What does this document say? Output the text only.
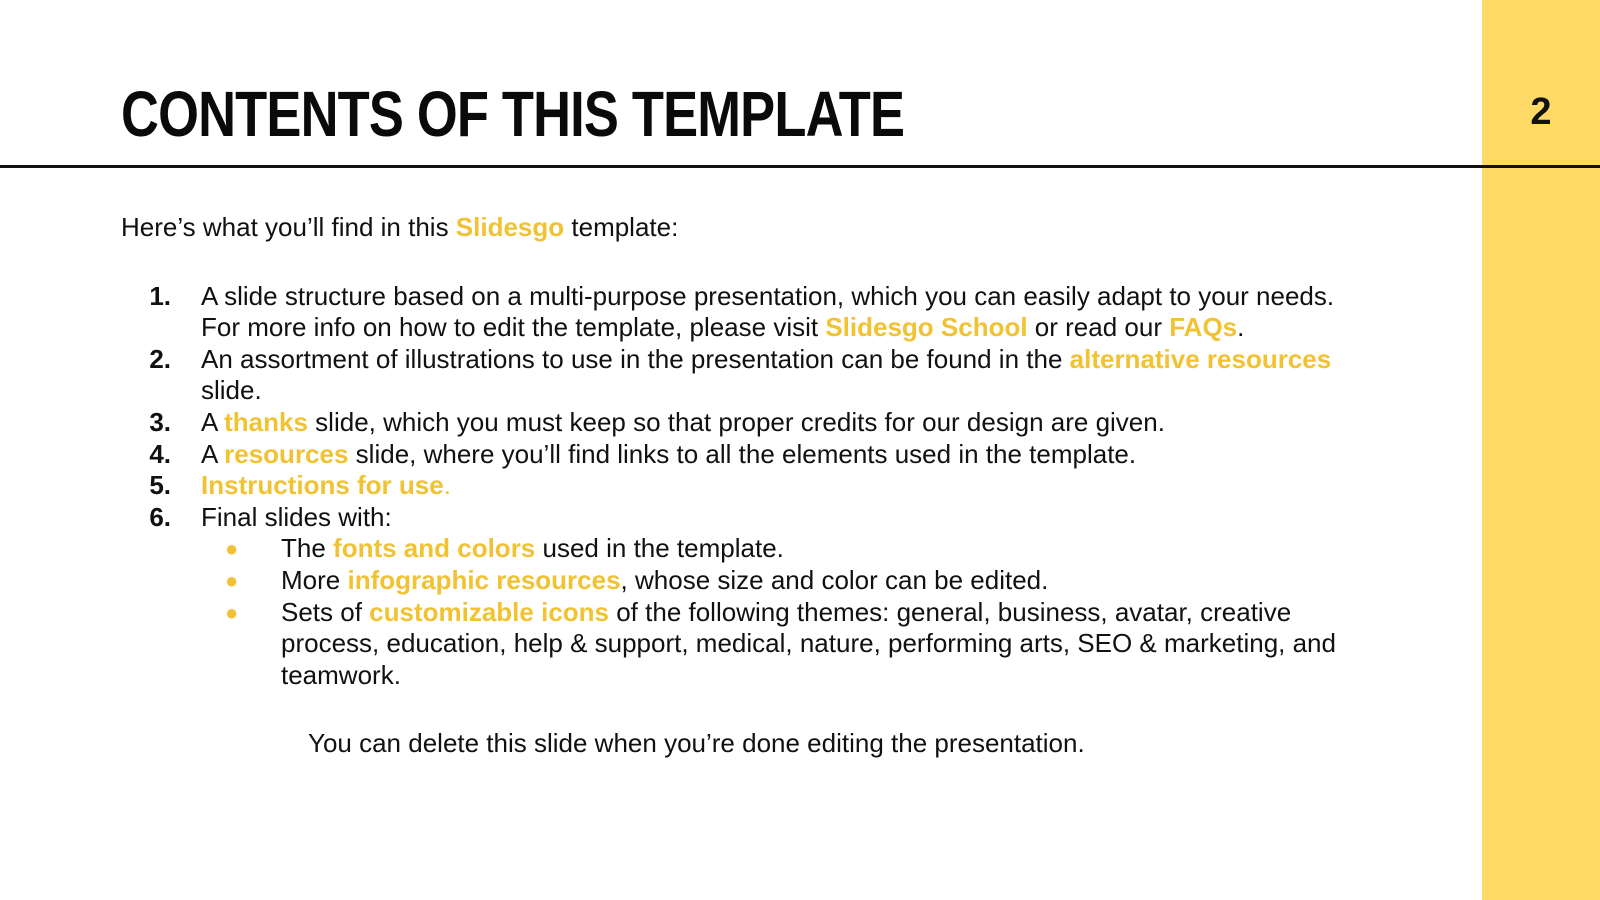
2
CONTENTS OF THIS TEMPLATE

Here’s what you’ll find in this Slidesgo template:

1. A slide structure based on a multi-purpose presentation, which you can easily adapt to your needs. For more info on how to edit the template, please visit Slidesgo School or read our FAQs.
2. An assortment of illustrations to use in the presentation can be found in the alternative resources slide.
3. A thanks slide, which you must keep so that proper credits for our design are given.
4. A resources slide, where you’ll find links to all the elements used in the template.
5. Instructions for use.
6. Final slides with:
● The fonts and colors used in the template.
● More infographic resources, whose size and color can be edited.
● Sets of customizable icons of the following themes: general, business, avatar, creative process, education, help & support, medical, nature, performing arts, SEO & marketing, and teamwork.

You can delete this slide when you’re done editing the presentation.
